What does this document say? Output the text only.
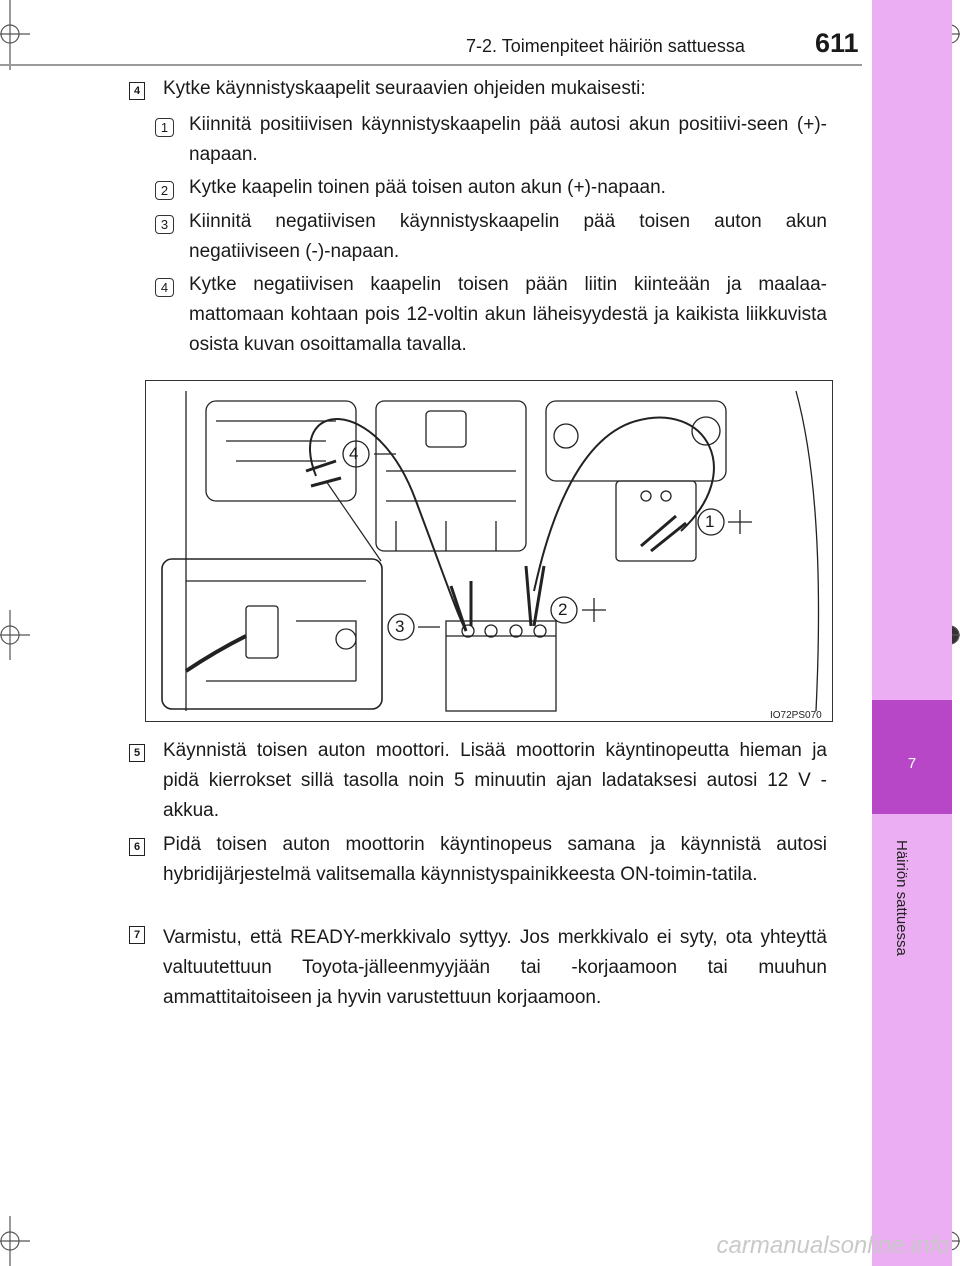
7
Häiriön sattuessa
7-2. Toimenpiteet häiriön sattuessa	611
4 Kytke käynnistyskaapelit seuraavien ohjeiden mukaisesti:
1	Kiinnitä positiivisen käynnistyskaapelin pää autosi akun positiivi-seen (+)-napaan.
2	Kytke kaapelin toinen pää toisen auton akun (+)-napaan.
3	Kiinnitä negatiivisen käynnistyskaapelin pää toisen auton akun negatiiviseen (-)-napaan.
4	Kytke negatiivisen kaapelin toisen pään liitin kiinteään ja maalaa-mattomaan kohtaan pois 12-voltin akun läheisyydestä ja kaikista liikkuvista osista kuvan osoittamalla tavalla.
4
1
2
3
IO72PS070
5 Käynnistä toisen auton moottori. Lisää moottorin käyntinopeutta hieman ja pidä kierrokset sillä tasolla noin 5 minuutin ajan ladataksesi autosi 12 V -akkua.
6 Pidä toisen auton moottorin käyntinopeus samana ja käynnistä autosi hybridijärjestelmä valitsemalla käynnistyspainikkeesta ON-toimin-tatila.
7 Varmistu, että READY-merkkivalo syttyy. Jos merkkivalo ei syty, ota yhteyttä valtuutettuun Toyota-jälleenmyyjään tai -korjaamoon tai muuhun ammattitaitoiseen ja hyvin varustettuun korjaamoon.
carmanualsonline.info
